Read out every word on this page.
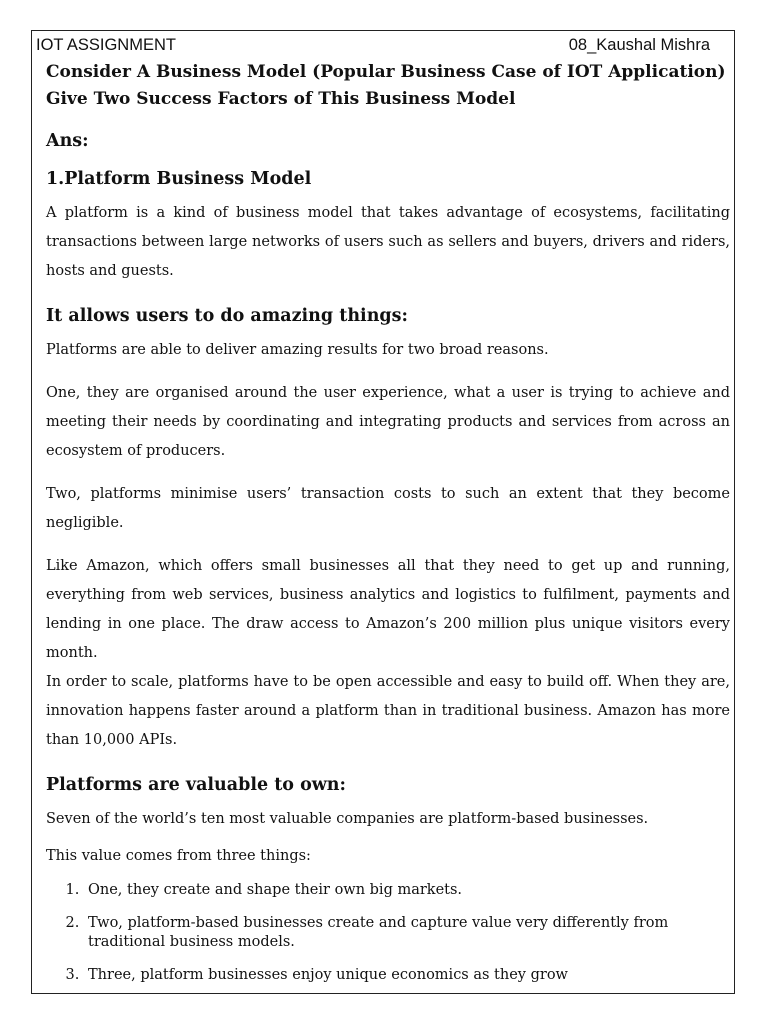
IOT ASSIGNMENT	08_Kaushal Mishra
Consider A Business Model (Popular Business Case of IOT Application)
Give Two Success Factors of This Business Model
Ans:
1.Platform Business Model

A platform is a kind of business model that takes advantage of ecosystems, facilitating transactions between large networks of users such as sellers and buyers, drivers and riders, hosts and guests.

It allows users to do amazing things:

Platforms are able to deliver amazing results for two broad reasons.

One, they are organised around the user experience, what a user is trying to achieve and meeting their needs by coordinating and integrating products and services from across an ecosystem of producers.

Two, platforms minimise users’ transaction costs to such an extent that they become negligible.

Like Amazon, which offers small businesses all that they need to get up and running, everything from web services, business analytics and logistics to fulfilment, payments and lending in one place. The draw access to Amazon’s 200 million plus unique visitors every month.

In order to scale, platforms have to be open accessible and easy to build off. When they are, innovation happens faster around a platform than in traditional business. Amazon has more than 10,000 APIs.

Platforms are valuable to own:

Seven of the world’s ten most valuable companies are platform-based businesses.

This value comes from three things:

1. One, they create and shape their own big markets.
2. Two, platform-based businesses create and capture value very differently from traditional business models.
3. Three, platform businesses enjoy unique economics as they grow
